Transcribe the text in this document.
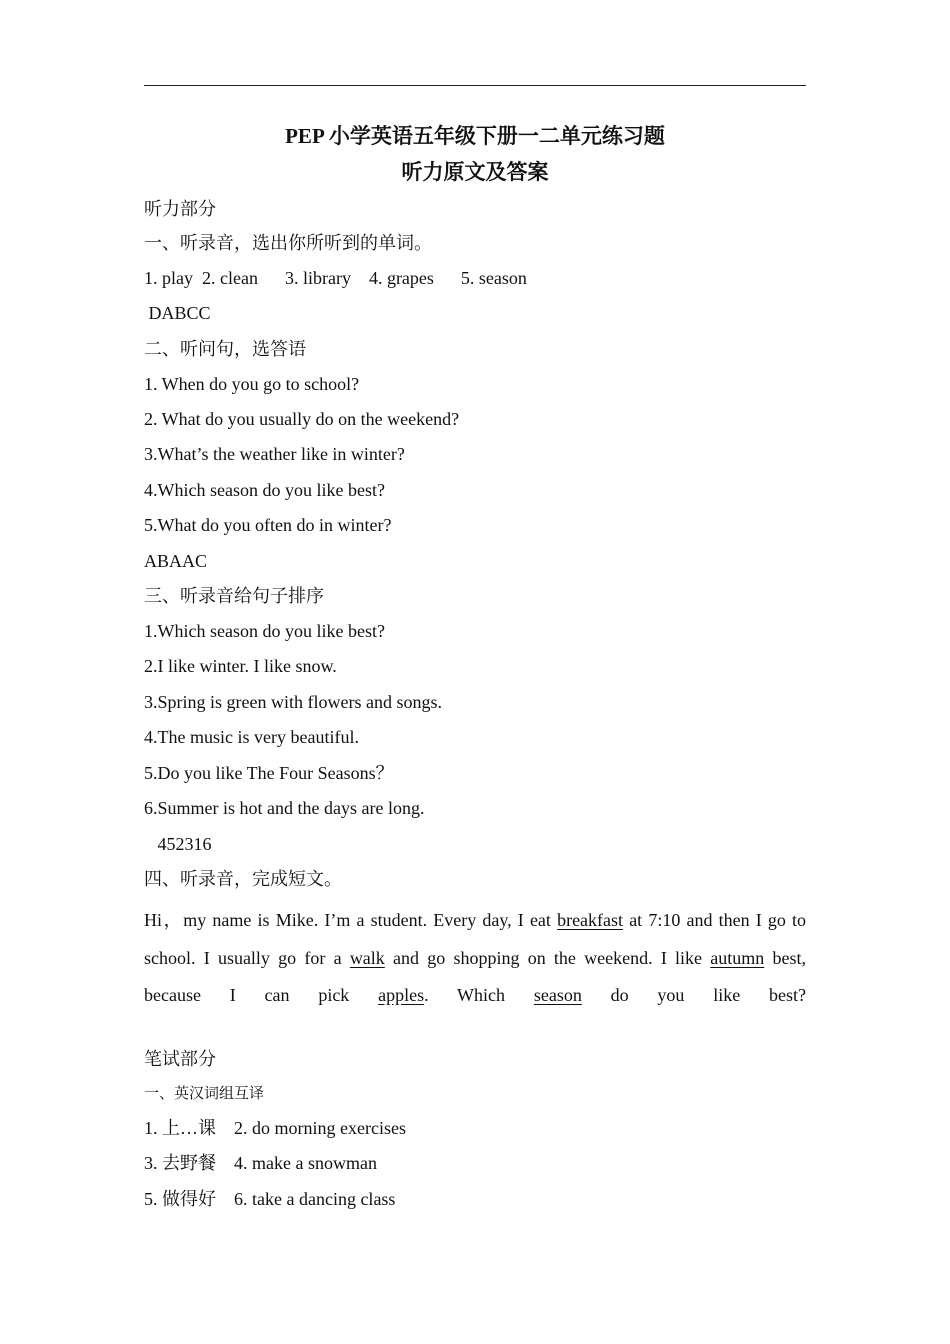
PEP 小学英语五年级下册一二单元练习题
听力原文及答案
听力部分
一、听录音，选出你所听到的单词。
1. play  2. clean      3. library    4. grapes      5. season
DABCC
二、听问句，选答语
1. When do you go to school?
2. What do you usually do on the weekend?
3.What’s the weather like in winter?
4.Which season do you like best?
5.What do you often do in winter?
ABAAC
三、听录音给句子排序
1.Which season do you like best?
2.I like winter. I like snow.
3.Spring is green with flowers and songs.
4.The music is very beautiful.
5.Do you like The Four Seasons？
6.Summer is hot and the days are long.
452316
四、听录音，完成短文。
Hi，my name is Mike. I’m a student. Every day, I eat breakfast at 7:10 and then I go to school. I usually go for a walk and go shopping on the weekend. I like autumn best, because I can pick apples. Which season do you like best?
笔试部分
一、英汉词组互译
1. 上…课    2. do morning exercises
3. 去野餐    4. make a snowman
5. 做得好    6. take a dancing class
